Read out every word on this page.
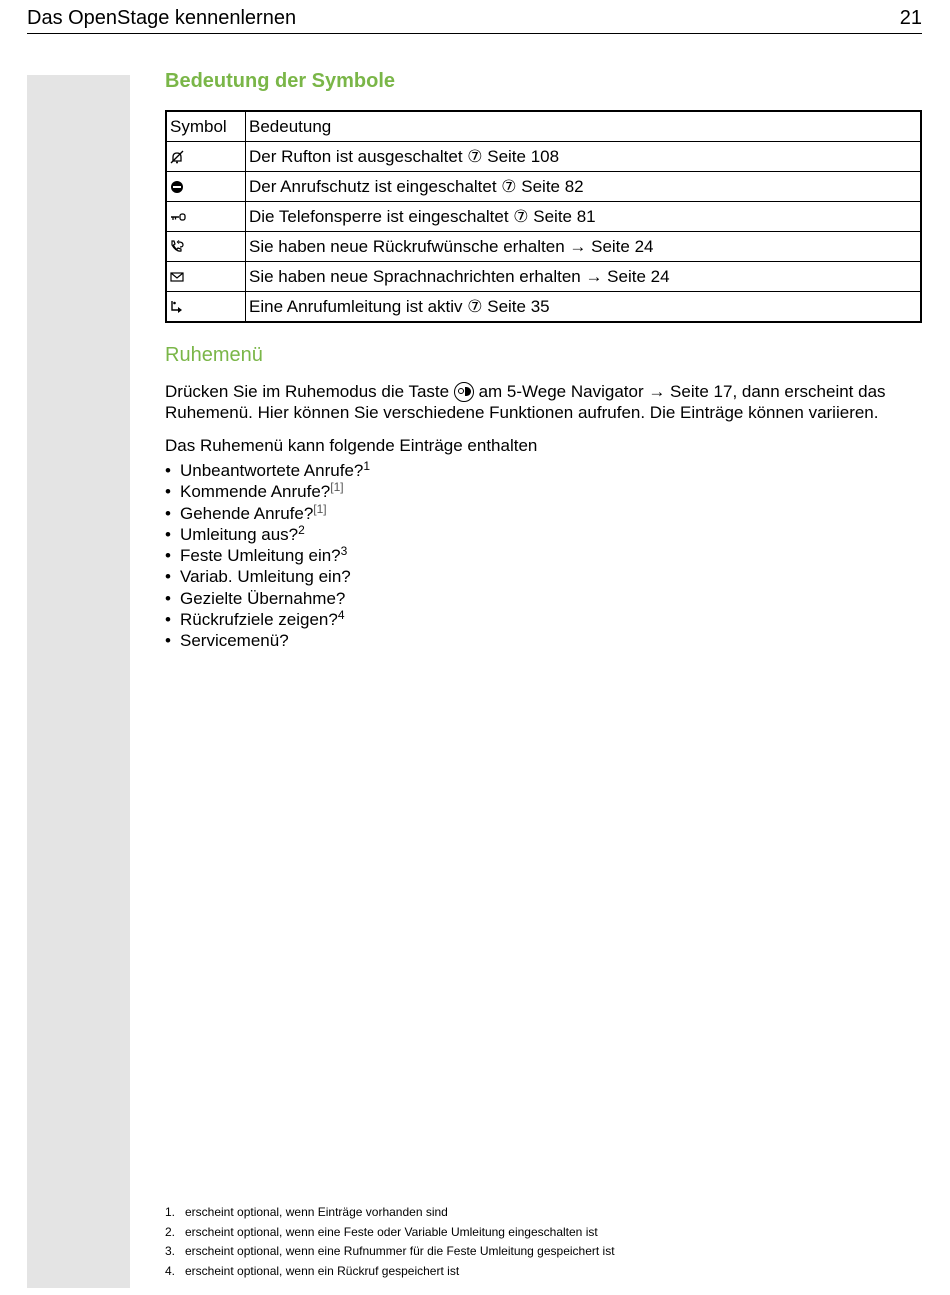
Das OpenStage kennenlernen	21
Bedeutung der Symbole
Symbol	Bedeutung

	Der Rufton ist ausgeschaltet ⑦ Seite 108

	Der Anrufschutz ist eingeschaltet ⑦ Seite 82

	Die Telefonsperre ist eingeschaltet ⑦ Seite 81

	Sie haben neue Rückrufwünsche erhalten → Seite 24

	Sie haben neue Sprachnachrichten erhalten → Seite 24

	Eine Anrufumleitung ist aktiv ⑦ Seite 35
Ruhemenü

Drücken Sie im Ruhemodus die Taste am 5-Wege Navigator → Seite 17, dann erscheint das Ruhemenü. Hier können Sie verschiedene Funktionen aufrufen. Die Einträge können variieren.

Das Ruhemenü kann folgende Einträge enthalten

• Unbeantwortete Anrufe?$^1$
• Kommende Anrufe?[1]
• Gehende Anrufe?[1]
• Umleitung aus?$^2$
• Feste Umleitung ein?$^3$
• Variab. Umleitung ein?
• Gezielte Übernahme?
• Rückrufziele zeigen?$^4$
• Servicemenü?
1. erscheint optional, wenn Einträge vorhanden sind
2. erscheint optional, wenn eine Feste oder Variable Umleitung eingeschalten ist
3. erscheint optional, wenn eine Rufnummer für die Feste Umleitung gespeichert ist
4. erscheint optional, wenn ein Rückruf gespeichert ist
